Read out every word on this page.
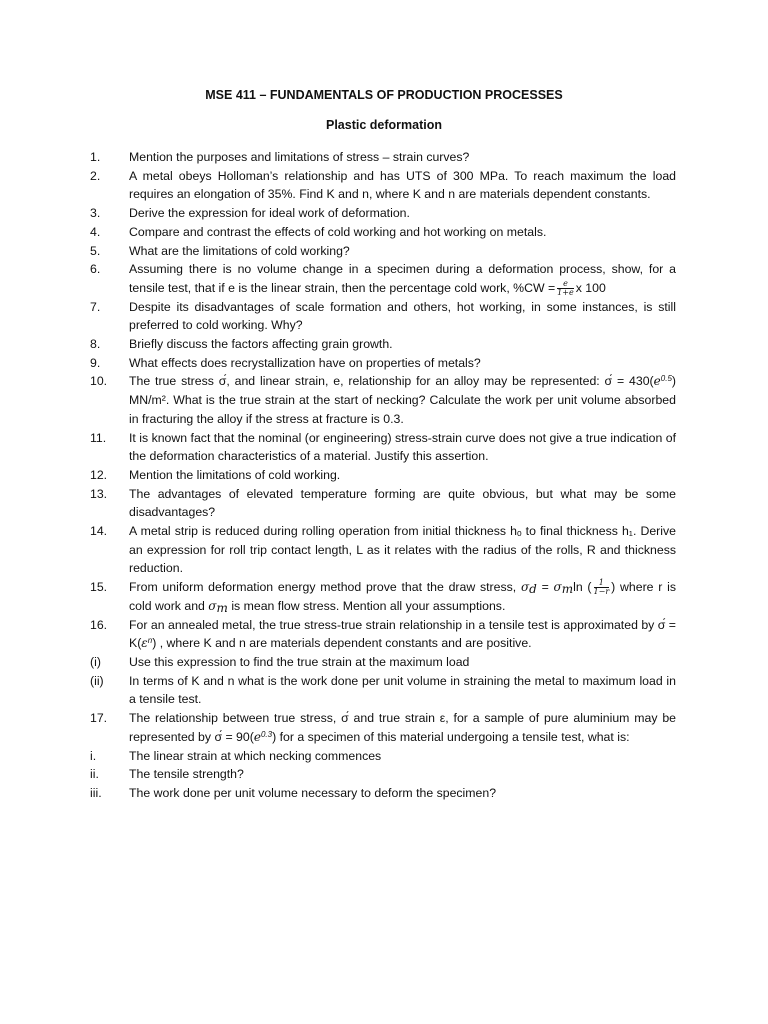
MSE 411 – FUNDAMENTALS OF PRODUCTION PROCESSES
Plastic deformation
1.	Mention the purposes and limitations of stress – strain curves?
2.	A metal obeys Holloman’s relationship and has UTS of 300 MPa. To reach maximum the load requires an elongation of 35%. Find K and n, where K and n are materials dependent constants.
3.	Derive the expression for ideal work of deformation.
4.	Compare and contrast the effects of cold working and hot working on metals.
5.	What are the limitations of cold working?
6.	Assuming there is no volume change in a specimen during a deformation process, show, for a tensile test, that if e is the linear strain, then the percentage cold work, $\%CW = \frac{e}{1+e}$ x 100
7.	Despite its disadvantages of scale formation and others, hot working, in some instances, is still preferred to cold working. Why?
8.	Briefly discuss the factors affecting grain growth.
9.	What effects does recrystallization have on properties of metals?
10.	The true stress σ́, and linear strain, e, relationship for an alloy may be represented: σ́ = $430(e^{0.5})$ MN/m². What is the true strain at the start of necking? Calculate the work per unit volume absorbed in fracturing the alloy if the stress at fracture is 0.3.
11.	It is known fact that the nominal (or engineering) stress-strain curve does not give a true indication of the deformation characteristics of a material. Justify this assertion.
12.	Mention the limitations of cold working.
13.	The advantages of elevated temperature forming are quite obvious, but what may be some disadvantages?
14.	A metal strip is reduced during rolling operation from initial thickness hₒ to final thickness h₁. Derive an expression for roll trip contact length, L as it relates with the radius of the rolls, R and thickness reduction.
15.	From uniform deformation energy method prove that the draw stress, $\sigma_d = \sigma_m\ln$ ( $\frac{1}{1-r}$ ) where r is cold work and $\sigma_m$ is mean flow stress. Mention all your assumptions.
16.	For an annealed metal, the true stress-true strain relationship in a tensile test is approximated by σ́ = $K(\varepsilon^n)$ , where K and n are materials dependent constants and are positive.
(i)	Use this expression to find the true strain at the maximum load
(ii)	In terms of K and n what is the work done per unit volume in straining the metal to maximum load in a tensile test.
17.	The relationship between true stress, σ́ and true strain ε, for a sample of pure aluminium may be represented by σ́ = $90(e^{0.3})$ for a specimen of this material undergoing a tensile test, what is:
i.	The linear strain at which necking commences
ii.	The tensile strength?
iii.	The work done per unit volume necessary to deform the specimen?
